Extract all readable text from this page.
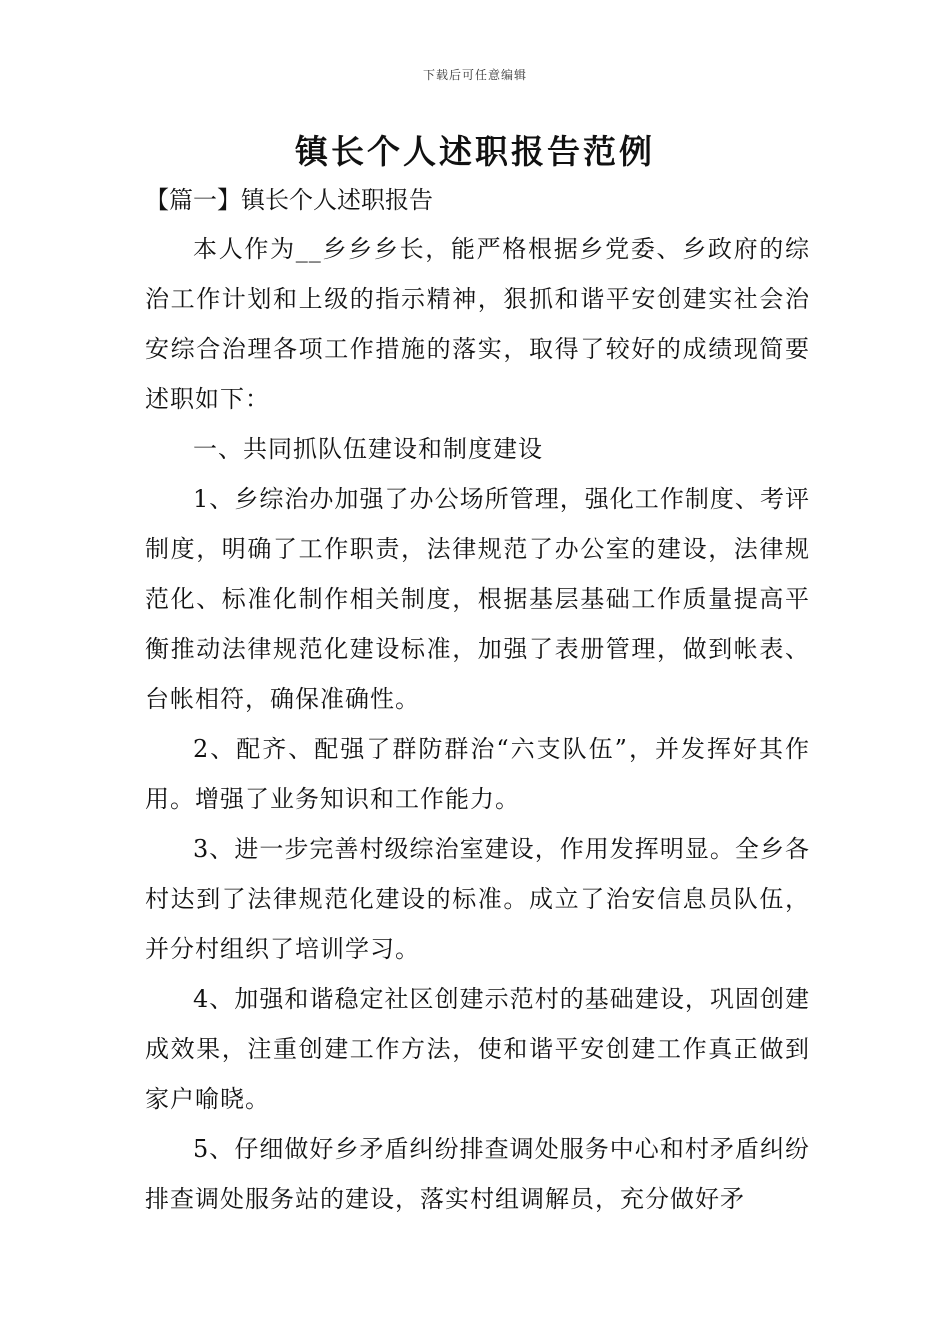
下载后可任意编辑
镇长个人述职报告范例
【篇一】镇长个人述职报告

本人作为__乡乡乡长，能严格根据乡党委、乡政府的综治工作计划和上级的指示精神，狠抓和谐平安创建实社会治安综合治理各项工作措施的落实，取得了较好的成绩现简要述职如下：

一、共同抓队伍建设和制度建设

1、乡综治办加强了办公场所管理，强化工作制度、考评制度，明确了工作职责，法律规范了办公室的建设，法律规范化、标准化制作相关制度，根据基层基础工作质量提高平衡推动法律规范化建设标准，加强了表册管理，做到帐表、台帐相符，确保准确性。

2、配齐、配强了群防群治“六支队伍”，并发挥好其作用。增强了业务知识和工作能力。

3、进一步完善村级综治室建设，作用发挥明显。全乡各村达到了法律规范化建设的标准。成立了治安信息员队伍，并分村组织了培训学习。

4、加强和谐稳定社区创建示范村的基础建设，巩固创建成效果，注重创建工作方法，使和谐平安创建工作真正做到家户喻晓。

5、仔细做好乡矛盾纠纷排查调处服务中心和村矛盾纠纷排查调处服务站的建设，落实村组调解员，充分做好矛
